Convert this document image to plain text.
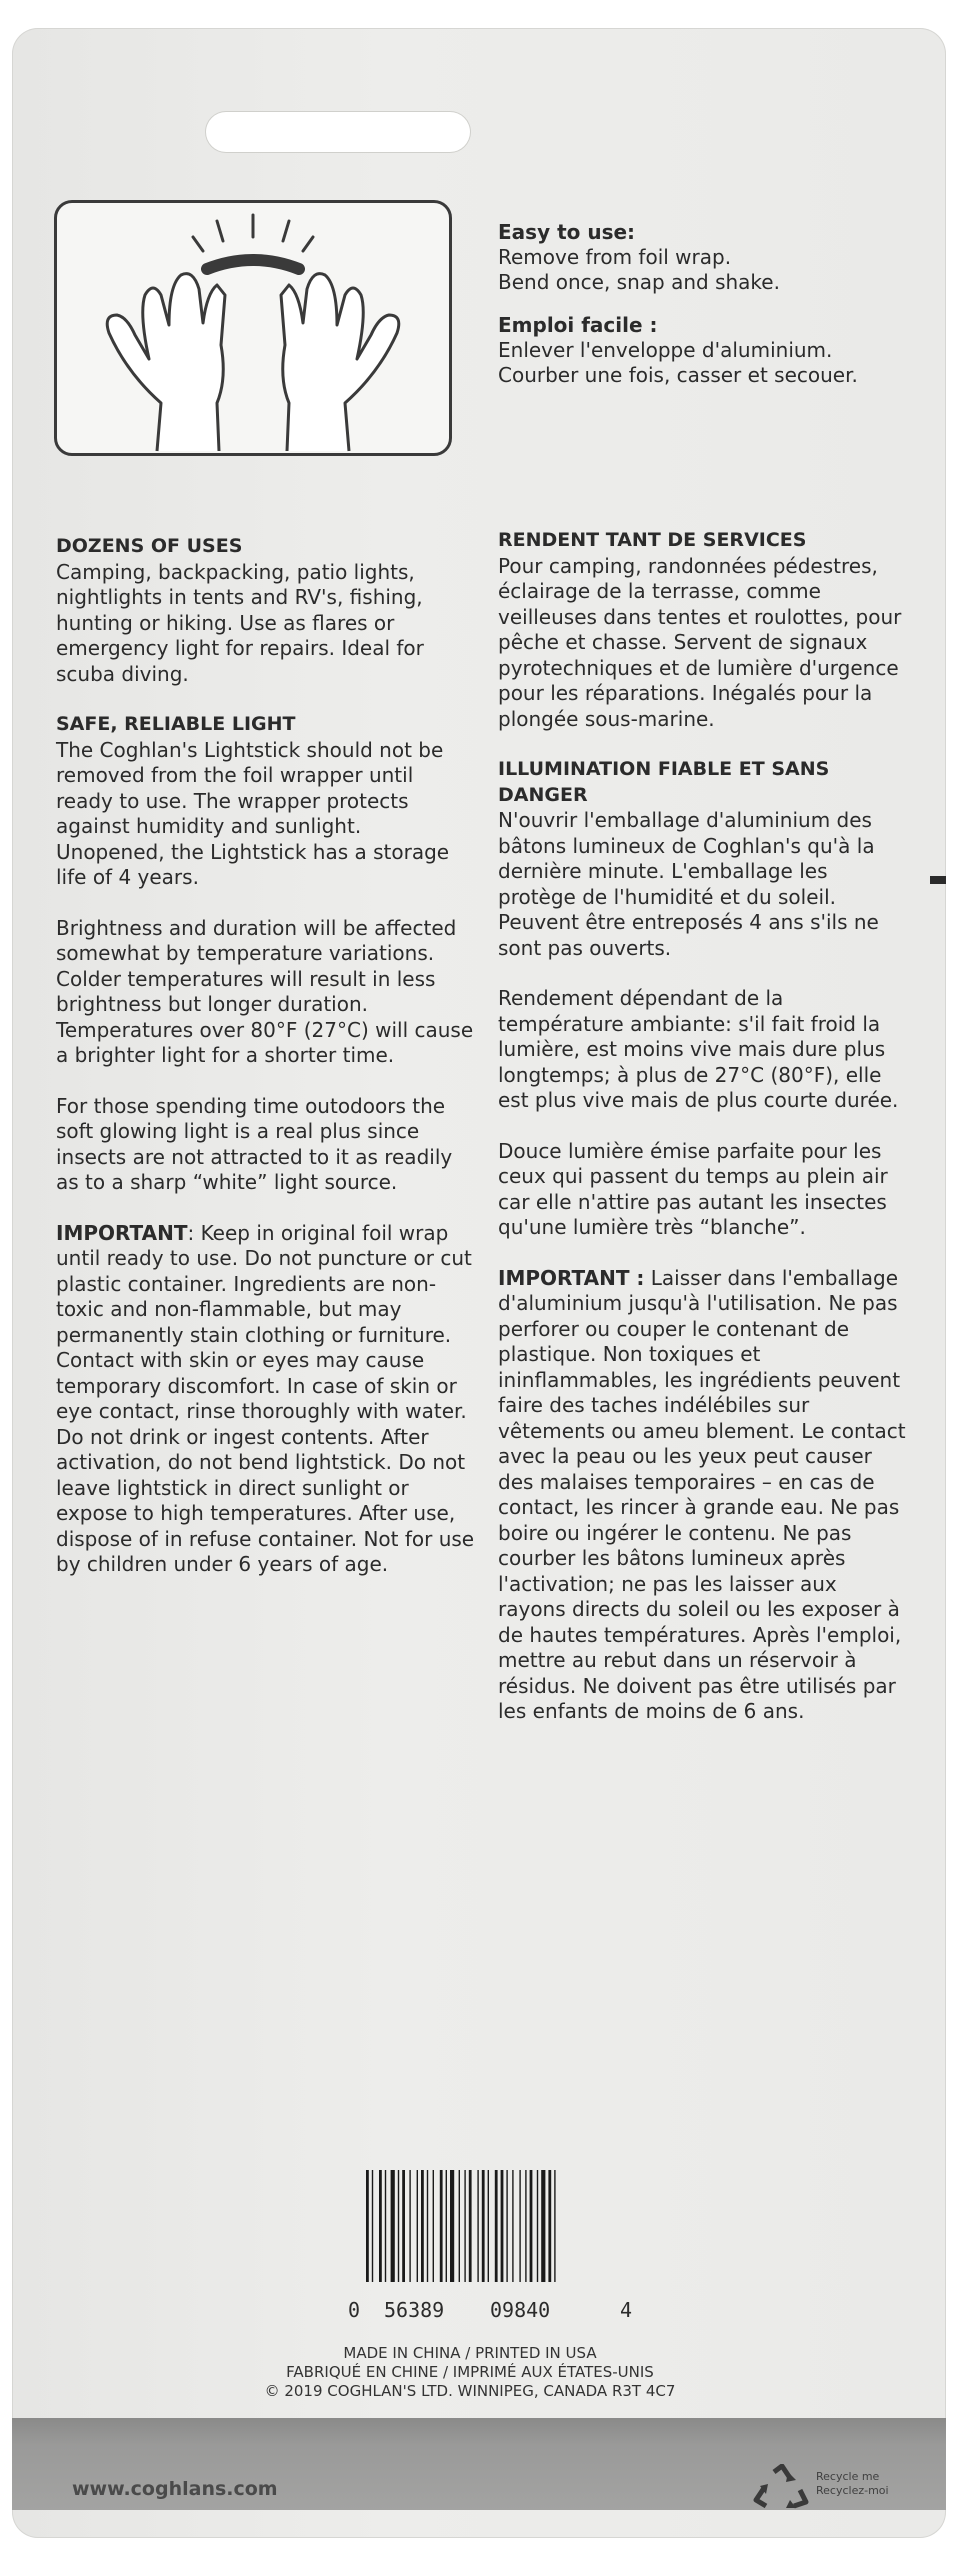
Easy to use:
Remove from foil wrap.
Bend once, snap and shake.

Emploi facile :
Enlever l'enveloppe d'aluminium.
Courber une fois, casser et secouer.

DOZENS OF USES
Camping, backpacking, patio lights, nightlights in tents and RV's, fishing, hunting or hiking. Use as flares or emergency light for repairs. Ideal for scuba diving.

SAFE, RELIABLE LIGHT
The Coghlan's Lightstick should not be removed from the foil wrapper until ready to use. The wrapper protects against humidity and sunlight. Unopened, the Lightstick has a storage life of 4 years.

Brightness and duration will be affected somewhat by temperature variations. Colder temperatures will result in less brightness but longer duration. Temperatures over 80°F (27°C) will cause a brighter light for a shorter time.

For those spending time outodoors the soft glowing light is a real plus since insects are not attracted to it as readily as to a sharp “white” light source.

IMPORTANT: Keep in original foil wrap until ready to use. Do not puncture or cut plastic container. Ingredients are non-toxic and non-flammable, but may permanently stain clothing or furniture. Contact with skin or eyes may cause temporary discomfort. In case of skin or eye contact, rinse thoroughly with water. Do not drink or ingest contents. After activation, do not bend lightstick. Do not leave lightstick in direct sunlight or expose to high temperatures. After use, dispose of in refuse container. Not for use by children under 6 years of age.

RENDENT TANT DE SERVICES
Pour camping, randonnées pédestres, éclairage de la terrasse, comme veilleuses dans tentes et roulottes, pour pêche et chasse. Servent de signaux pyrotechniques et de lumière d'urgence pour les réparations. Inégalés pour la plongée sous-marine.

ILLUMINATION FIABLE ET SANS DANGER
N'ouvrir l'emballage d'aluminium des bâtons lumineux de Coghlan's qu'à la dernière minute. L'emballage les protège de l'humidité et du soleil. Peuvent être entreposés 4 ans s'ils ne sont pas ouverts.

Rendement dépendant de la température ambiante: s'il fait froid la lumière, est moins vive mais dure plus longtemps; à plus de 27°C (80°F), elle est plus vive mais de plus courte durée.

Douce lumière émise parfaite pour les ceux qui passent du temps au plein air car elle n'attire pas autant les insectes qu'une lumière très “blanche”.

IMPORTANT : Laisser dans l'emballage d'aluminium jusqu'à l'utilisation. Ne pas perforer ou couper le contenant de plastique. Non toxiques et ininflammables, les ingrédients peuvent faire des taches indélébiles sur vêtements ou ameu blement. Le contact avec la peau ou les yeux peut causer des malaises temporaires – en cas de contact, les rincer à grande eau. Ne pas boire ou ingérer le contenu. Ne pas courber les bâtons lumineux après l'activation; ne pas les laisser aux rayons directs du soleil ou les exposer à de hautes températures. Après l'emploi, mettre au rebut dans un réservoir à résidus. Ne doivent pas être utilisés par les enfants de moins de 6 ans.

0 56389 09840	4
MADE IN CHINA / PRINTED IN USA
FABRIQUÉ EN CHINE / IMPRIMÉ AUX ÉTATES-UNIS
© 2019 COGHLAN'S LTD. WINNIPEG, CANADA R3T 4C7
www.coghlans.com
Recycle me
Recyclez-moi
